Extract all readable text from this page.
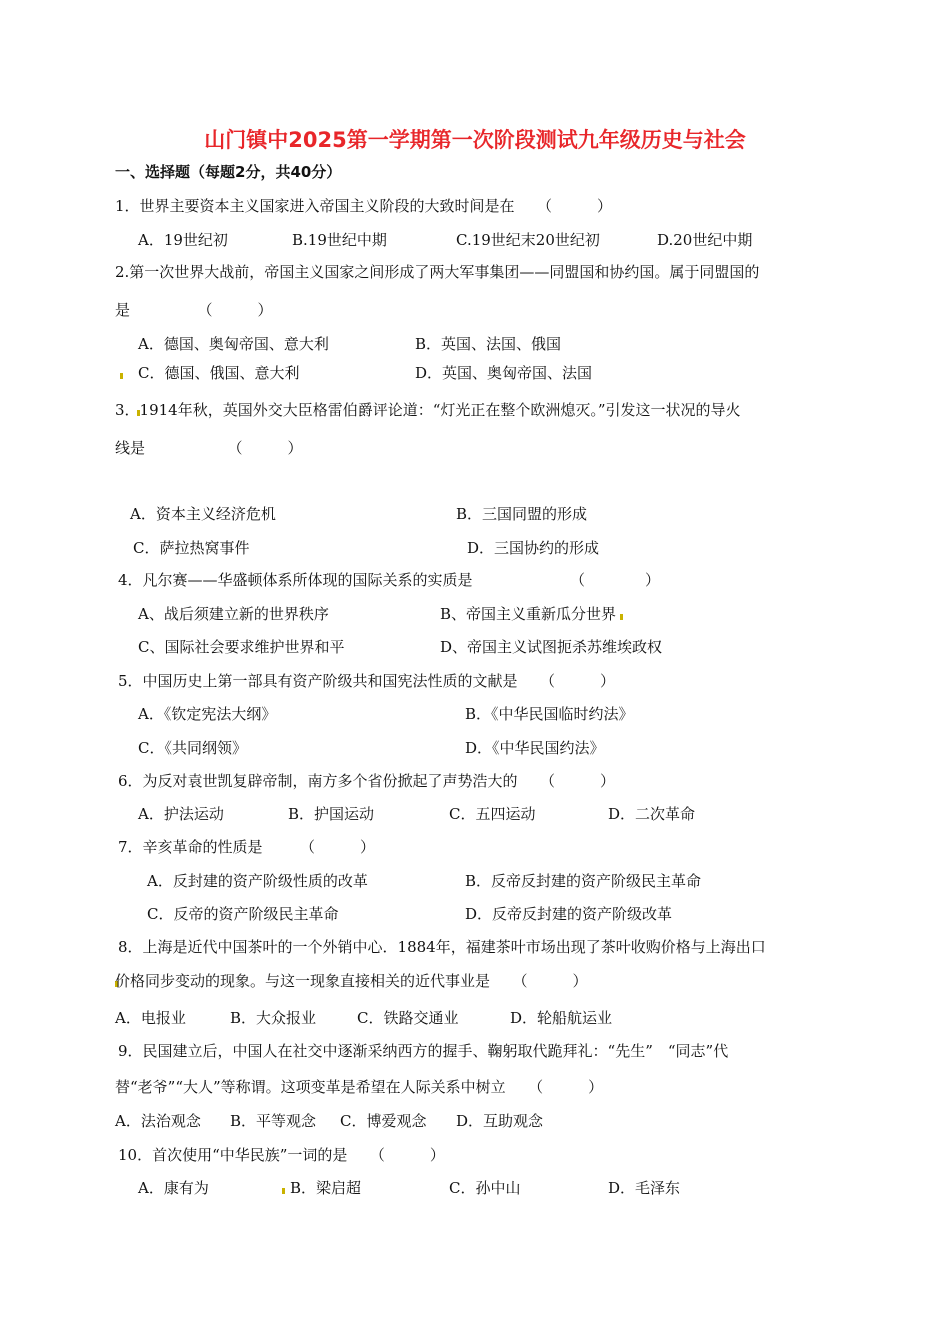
山门镇中2025第一学期第一次阶段测试九年级历史与社会
一、选择题（每题2分，共40分）
1．世界主要资本主义国家进入帝国主义阶段的大致时间是在　　（　　　）
A．19世纪初	B.19世纪中期	C.19世纪末20世纪初	D.20世纪中期
2.第一次世界大战前，帝国主义国家之间形成了两大军事集团——同盟国和协约国。属于同盟国的
是　　　　　（　　　）
A．德国、奥匈帝国、意大利	B．英国、法国、俄国
C．德国、俄国、意大利	D．英国、奥匈帝国、法国
3．1914年秋，英国外交大臣格雷伯爵评论道：“灯光正在整个欧洲熄灭。”引发这一状况的导火
线是　　　　　　（　　　）
A．资本主义经济危机	B．三国同盟的形成
C．萨拉热窝事件	D．三国协约的形成
4．凡尔赛——华盛顿体系所体现的国际关系的实质是　　　　　　　（　　　　）
A、战后须建立新的世界秩序	B、帝国主义重新瓜分世界
C、国际社会要求维护世界和平	D、帝国主义试图扼杀苏维埃政权
5．中国历史上第一部具有资产阶级共和国宪法性质的文献是　　（　　　）
A．《钦定宪法大纲》	B．《中华民国临时约法》
C．《共同纲领》	D．《中华民国约法》
6．为反对袁世凯复辟帝制，南方多个省份掀起了声势浩大的　　（　　　）
A．护法运动	B．护国运动	C．五四运动	D．二次革命
7．辛亥革命的性质是　　　（　　　）
A．反封建的资产阶级性质的改革	B．反帝反封建的资产阶级民主革命
C．反帝的资产阶级民主革命	D．反帝反封建的资产阶级改革
8．上海是近代中国茶叶的一个外销中心．1884年，福建茶叶市场出现了茶叶收购价格与上海出口
价格同步变动的现象。与这一现象直接相关的近代事业是　　（　　　）
A．电报业	B．大众报业	C．铁路交通业	D．轮船航运业
9．民国建立后，中国人在社交中逐渐采纳西方的握手、鞠躬取代跪拜礼：“先生”　“同志”代
替“老爷”“大人”等称谓。这项变革是希望在人际关系中树立　　（　　　）
A．法治观念 B．平等观念 C．博爱观念 D．互助观念
10．首次使用“中华民族”一词的是　　（　　　）
A．康有为	B．梁启超	C．孙中山	D．毛泽东
